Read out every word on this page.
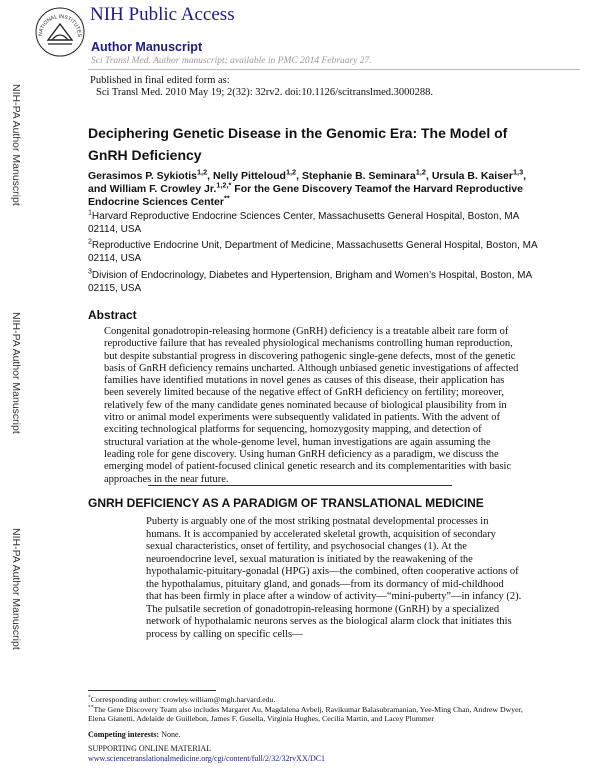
NATIONAL INSTITUTES
NIH Public Access
Author Manuscript
Sci Transl Med. Author manuscript; available in PMC 2014 February 27.
NIH-PA Author Manuscript
NIH-PA Author Manuscript
NIH-PA Author Manuscript
Published in final edited form as:
Sci Transl Med. 2010 May 19; 2(32): 32rv2. doi:10.1126/scitranslmed.3000288.
Deciphering Genetic Disease in the Genomic Era: The Model of GnRH Deficiency
Gerasimos P. Sykiotis$^{1,2}$, Nelly Pitteloud$^{1,2}$, Stephanie B. Seminara$^{1,2}$, Ursula B. Kaiser$^{1,3}$, and William F. Crowley Jr.$^{1,2,*}$ For the Gene Discovery Teamof the Harvard Reproductive Endocrine Sciences Center**
$^1$Harvard Reproductive Endocrine Sciences Center, Massachusetts General Hospital, Boston, MA 02114, USA
$^2$Reproductive Endocrine Unit, Department of Medicine, Massachusetts General Hospital, Boston, MA 02114, USA
$^3$Division of Endocrinology, Diabetes and Hypertension, Brigham and Women’s Hospital, Boston, MA 02115, USA
Abstract
Congenital gonadotropin-releasing hormone (GnRH) deficiency is a treatable albeit rare form of reproductive failure that has revealed physiological mechanisms controlling human reproduction, but despite substantial progress in discovering pathogenic single-gene defects, most of the genetic basis of GnRH deficiency remains uncharted. Although unbiased genetic investigations of affected families have identified mutations in novel genes as causes of this disease, their application has been severely limited because of the negative effect of GnRH deficiency on fertility; moreover, relatively few of the many candidate genes nominated because of biological plausibility from in vitro or animal model experiments were subsequently validated in patients. With the advent of exciting technological platforms for sequencing, homozygosity mapping, and detection of structural variation at the whole-genome level, human investigations are again assuming the leading role for gene discovery. Using human GnRH deficiency as a paradigm, we discuss the emerging model of patient-focused clinical genetic research and its complementarities with basic approaches in the near future.
GNRH DEFICIENCY AS A PARADIGM OF TRANSLATIONAL MEDICINE
Puberty is arguably one of the most striking postnatal developmental processes in humans. It is accompanied by accelerated skeletal growth, acquisition of secondary sexual characteristics, onset of fertility, and psychosocial changes (1). At the neuroendocrine level, sexual maturation is initiated by the reawakening of the hypothalamic-pituitary-gonadal (HPG) axis—the combined, often cooperative actions of the hypothalamus, pituitary gland, and gonads—from its dormancy of mid-childhood that has been firmly in place after a window of activity—“mini-puberty”—in infancy (2). The pulsatile secretion of gonadotropin-releasing hormone (GnRH) by a specialized network of hypothalamic neurons serves as the biological alarm clock that initiates this process by calling on specific cells—
*Corresponding author: crowley.william@mgh.harvard.edu.
**The Gene Discovery Team also includes Margaret Au, Magdalena Avbelj, Ravikumar Balasubramanian, Yee-Ming Chan, Andrew Dwyer, Elena Gianetti, Adelaide de Guillebon, James F. Gusella, Virginia Hughes, Cecilia Martin, and Lacey Plummer
Competing interests: None.
SUPPORTING ONLINE MATERIAL
www.sciencetranslationalmedicine.org/cgi/content/full/2/32/32rvXX/DC1
